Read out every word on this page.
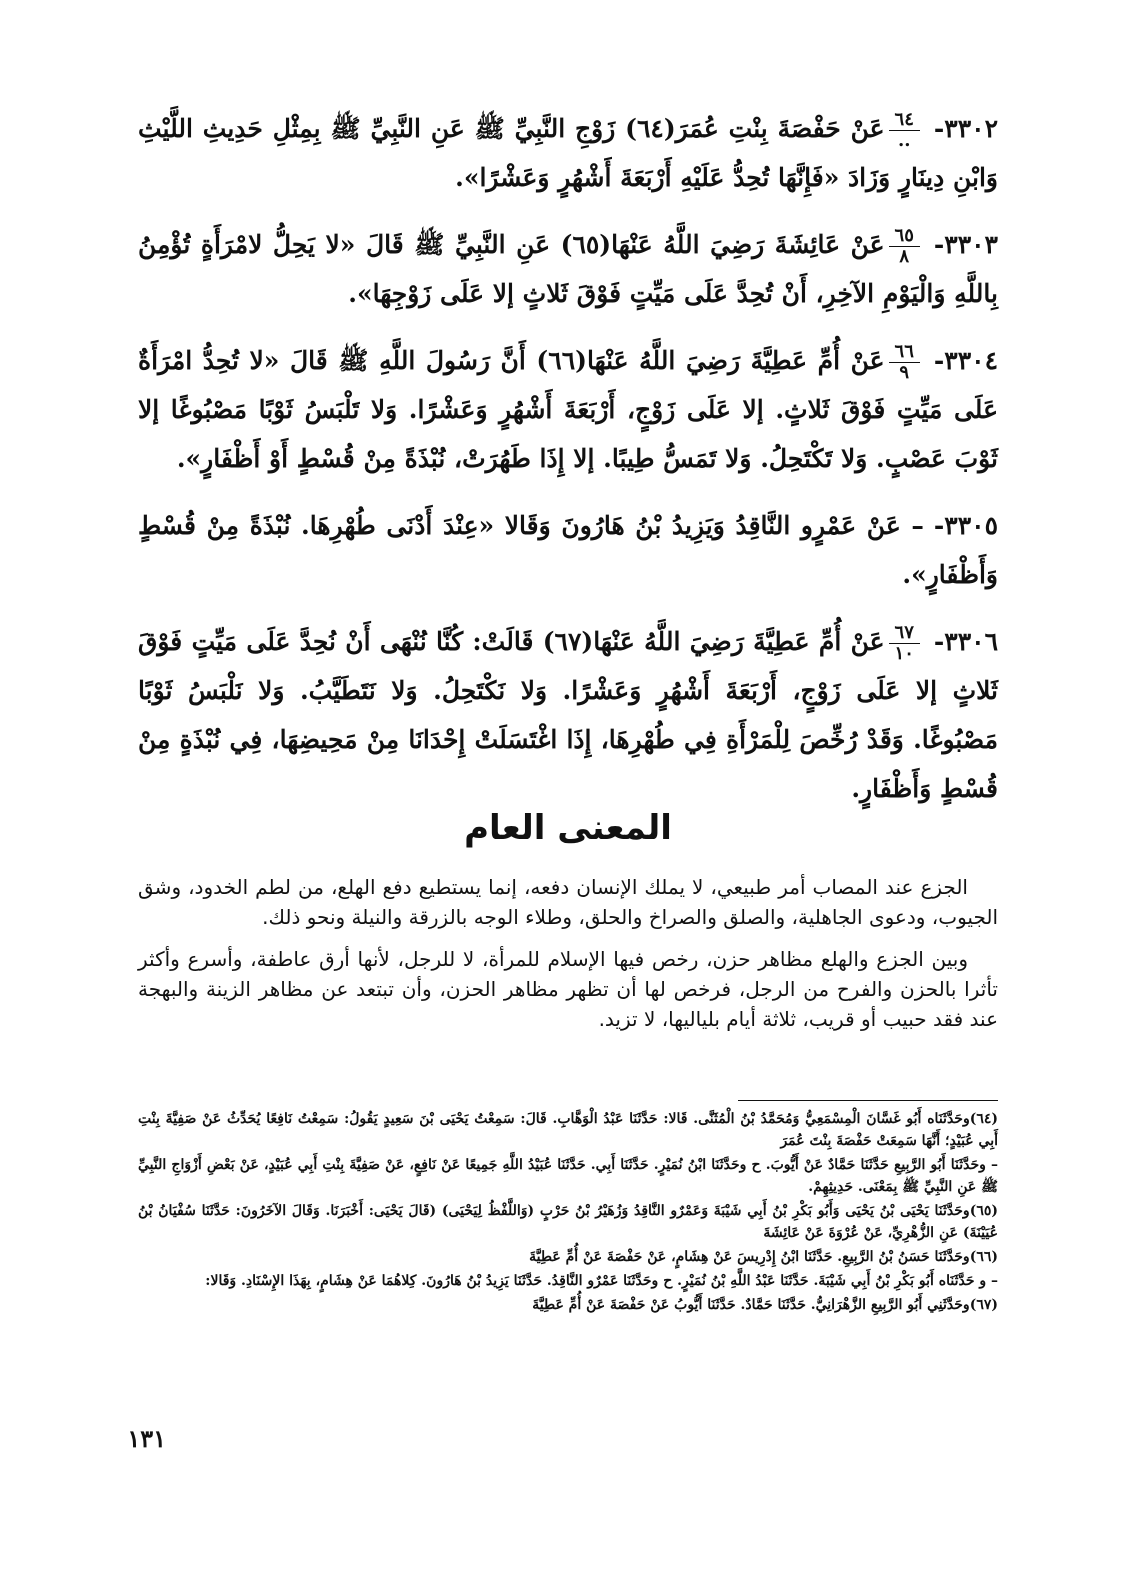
٣٣٠٢-
$\frac{٦٤}{..}$
عَنْ حَفْصَةَ بِنْتِ عُمَرَ(٦٤) زَوْجِ النَّبِيِّ ﷺ عَنِ النَّبِيِّ ﷺ بِمِثْلِ حَدِيثِ اللَّيْثِ وَابْنِ دِينَارٍ وَزَادَ «فَإِنَّهَا تُحِدُّ عَلَيْهِ أَرْبَعَةَ أَشْهُرٍ وَعَشْرًا».

٣٣٠٣-
$\frac{٦٥}{٨}$
عَنْ عَائِشَةَ رَضِيَ اللَّهُ عَنْهَا(٦٥) عَنِ النَّبِيِّ ﷺ قَالَ «لا يَحِلُّ لامْرَأَةٍ تُؤْمِنُ بِاللَّهِ وَالْيَوْمِ الآخِرِ، أَنْ تُحِدَّ عَلَى مَيِّتٍ فَوْقَ ثَلاثٍ إلا عَلَى زَوْجِهَا».

٣٣٠٤-
$\frac{٦٦}{٩}$
عَنْ أُمِّ عَطِيَّةَ رَضِيَ اللَّهُ عَنْهَا(٦٦) أَنَّ رَسُولَ اللَّهِ ﷺ قَالَ «لا تُحِدُّ امْرَأَةٌ عَلَى مَيِّتٍ فَوْقَ ثَلاثٍ. إلا عَلَى زَوْجٍ، أَرْبَعَةَ أَشْهُرٍ وَعَشْرًا. وَلا تَلْبَسُ ثَوْبًا مَصْبُوغًا إلا ثَوْبَ عَصْبٍ. وَلا تَكْتَحِلُ. وَلا تَمَسُّ طِيبًا. إلا إِذَا طَهُرَتْ، نُبْذَةً مِنْ قُسْطٍ أَوْ أَظْفَارٍ».

٣٣٠٥-– عَنْ عَمْرٍو النَّاقِدُ وَيَزِيدُ بْنُ هَارُونَ وَقَالا «عِنْدَ أَدْنَى طُهْرِهَا. نُبْذَةً مِنْ قُسْطٍ وَأَظْفَارٍ».

٣٣٠٦-
$\frac{٦٧}{١٠}$
عَنْ أُمِّ عَطِيَّةَ رَضِيَ اللَّهُ عَنْهَا(٦٧) قَالَتْ: كُنَّا نُنْهَى أَنْ نُحِدَّ عَلَى مَيِّتٍ فَوْقَ ثَلاثٍ إلا عَلَى زَوْجٍ، أَرْبَعَةَ أَشْهُرٍ وَعَشْرًا. وَلا نَكْتَحِلُ. وَلا نَتَطَيَّبُ. وَلا نَلْبَسُ ثَوْبًا مَصْبُوغًا. وَقَدْ رُخِّصَ لِلْمَرْأَةِ فِي طُهْرِهَا، إِذَا اغْتَسَلَتْ إِحْدَانَا مِنْ مَحِيضِهَا، فِي نُبْذَةٍ مِنْ قُسْطٍ وَأَظْفَارٍ.

المعنى العام

الجزع عند المصاب أمر طبيعي، لا يملك الإنسان دفعه، إنما يستطيع دفع الهلع، من لطم الخدود، وشق الجيوب، ودعوى الجاهلية، والصلق والصراخ والحلق، وطلاء الوجه بالزرقة والنيلة ونحو ذلك.

وبين الجزع والهلع مظاهر حزن، رخص فيها الإسلام للمرأة، لا للرجل، لأنها أرق عاطفة، وأسرع وأكثر تأثرا بالحزن والفرح من الرجل، فرخص لها أن تظهر مظاهر الحزن، وأن تبتعد عن مظاهر الزينة والبهجة عند فقد حبيب أو قريب، ثلاثة أيام بلياليها، لا تزيد.

(٦٤)وحَدَّثَنَاه أَبُو غَسَّانَ الْمِسْمَعِيُّ وَمُحَمَّدُ بْنُ الْمُثَنَّى. قَالا: حَدَّثَنَا عَبْدُ الْوَهَّابِ. قَالَ: سَمِعْتُ يَحْيَى بْنَ سَعِيدٍ يَقُولُ: سَمِعْتُ نَافِعًا يُحَدِّثُ عَنْ صَفِيَّةَ بِنْتِ أَبِي عُبَيْدٍ؛ أَنَّهَا سَمِعَتْ حَفْصَةَ بِنْتَ عُمَرَ

– وحَدَّثَنَا أَبُو الرَّبِيعِ حَدَّثَنَا حَمَّادٌ عَنْ أَيُّوبَ. ح وحَدَّثَنَا ابْنُ نُمَيْرٍ. حَدَّثَنَا أَبِي. حَدَّثَنَا عُبَيْدُ اللَّهِ جَمِيعًا عَنْ نَافِعٍ، عَنْ صَفِيَّةَ بِنْتِ أَبِي عُبَيْدٍ، عَنْ بَعْضِ أَزْوَاجِ النَّبِيِّ ﷺ عَنِ النَّبِيِّ ﷺ بِمَعْنَى. حَدِيثِهِمْ.

(٦٥)وحَدَّثَنَا يَحْيَى بْنُ يَحْيَى وَأَبُو بَكْرِ بْنُ أَبِي شَيْبَةَ وَعَمْرٌو النَّاقِدُ وَزُهَيْرُ بْنُ حَرْبٍ (وَاللَّفْظُ لِيَحْيَى) (قَالَ يَحْيَى: أَخْبَرَنَا. وَقَالَ الآخَرُونَ: حَدَّثَنَا سُفْيَانُ بْنُ عُيَيْنَةَ) عَنِ الزُّهْرِيِّ، عَنْ عُرْوَةَ عَنْ عَائِشَةَ

(٦٦)وحَدَّثَنَا حَسَنُ بْنُ الرَّبِيعِ. حَدَّثَنَا ابْنُ إِدْرِيسَ عَنْ هِشَامٍ، عَنْ حَفْصَةَ عَنْ أُمِّ عَطِيَّةَ

– و حَدَّثَنَاه أَبُو بَكْرِ بْنُ أَبِي شَيْبَةَ. حَدَّثَنَا عَبْدُ اللَّهِ بْنُ نُمَيْرٍ. ح وحَدَّثَنَا عَمْرٌو النَّاقِدُ. حَدَّثَنَا يَزِيدُ بْنُ هَارُونَ. كِلاهُمَا عَنْ هِشَامٍ، بِهَذَا الإِسْنَادِ. وَقَالا:

(٦٧)وحَدَّثَنِي أَبُو الرَّبِيعِ الزَّهْرَانِيُّ. حَدَّثَنَا حَمَّادٌ. حَدَّثَنَا أَيُّوبُ عَنْ حَفْصَةَ عَنْ أُمِّ عَطِيَّةَ

١٣١
